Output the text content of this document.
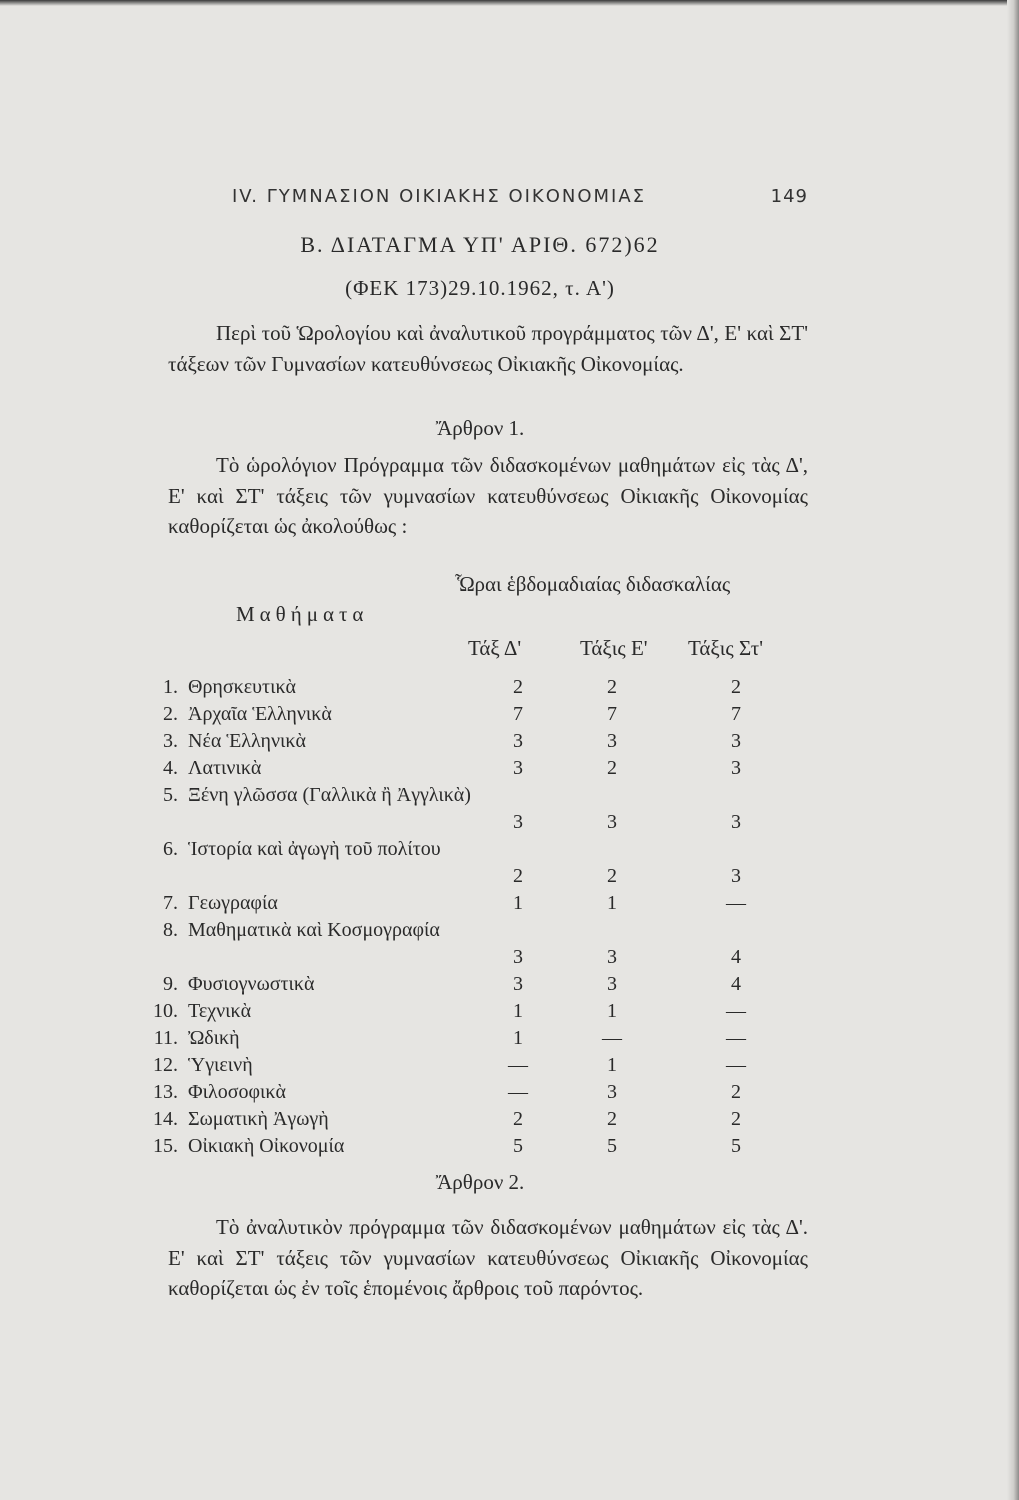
IV. ΓΥΜΝΑΣΙΟΝ ΟΙΚΙΑΚΗΣ ΟΙΚΟΝΟΜΙΑΣ	149
Β. ΔΙΑΤΑΓΜΑ ΥΠ' ΑΡΙΘ. 672)62
(ΦΕΚ 173)29.10.1962, τ. Α')
Περὶ τοῦ Ὡρολογίου καὶ ἀναλυτικοῦ προγράμματος τῶν Δ', Ε' καὶ ΣΤ' τάξεων τῶν Γυμνασίων κατευθύνσεως Οἰκιακῆς Οἰκονομίας.
Ἄρθρον 1.
Τὸ ὡρολόγιον Πρόγραμμα τῶν διδασκομένων μαθημάτων εἰς τὰς Δ', Ε' καὶ ΣΤ' τάξεις τῶν γυμνασίων κατευθύνσεως Οἰκιακῆς Οἰκονομίας καθορίζεται ὡς ἀκολούθως :
Ὧραι ἑβδομαδιαίας διδασκαλίας
Μαθήματα
Τάξ Δ'	Τάξις Ε' Τάξις Στ'
1. Θρησκευτικὰ	2	2	2
2. Ἀρχαῖα Ἑλληνικὰ	7	7	7
3. Νέα Ἑλληνικὰ	3	3	3
4. Λατινικὰ	3	2	3
5. Ξένη γλῶσσα (Γαλλικὰ ἢ Ἀγγλικὰ)
3	3	3
6. Ἱστορία καὶ ἀγωγὴ τοῦ πολίτου
2	2	3
7. Γεωγραφία	1	1	—
8. Μαθηματικὰ καὶ Κοσμογραφία
3	3	4
9. Φυσιογνωστικὰ	3	3	4
10. Τεχνικὰ	1	1	—
11. Ὠδικὴ	1	—	—
12. Ὑγιεινὴ	—	1	—
13. Φιλοσοφικὰ	—	3	2
14. Σωματικὴ Ἀγωγὴ	2	2	2
15. Οἰκιακὴ Οἰκονομία	5	5	5
Ἄρθρον 2.
Τὸ ἀναλυτικὸν πρόγραμμα τῶν διδασκομένων μαθημάτων εἰς τὰς Δ'. Ε' καὶ ΣΤ' τάξεις τῶν γυμνασίων κατευθύνσεως Οἰκιακῆς Οἰκονομίας καθορίζεται ὡς ἐν τοῖς ἑπομένοις ἄρθροις τοῦ παρόντος.
